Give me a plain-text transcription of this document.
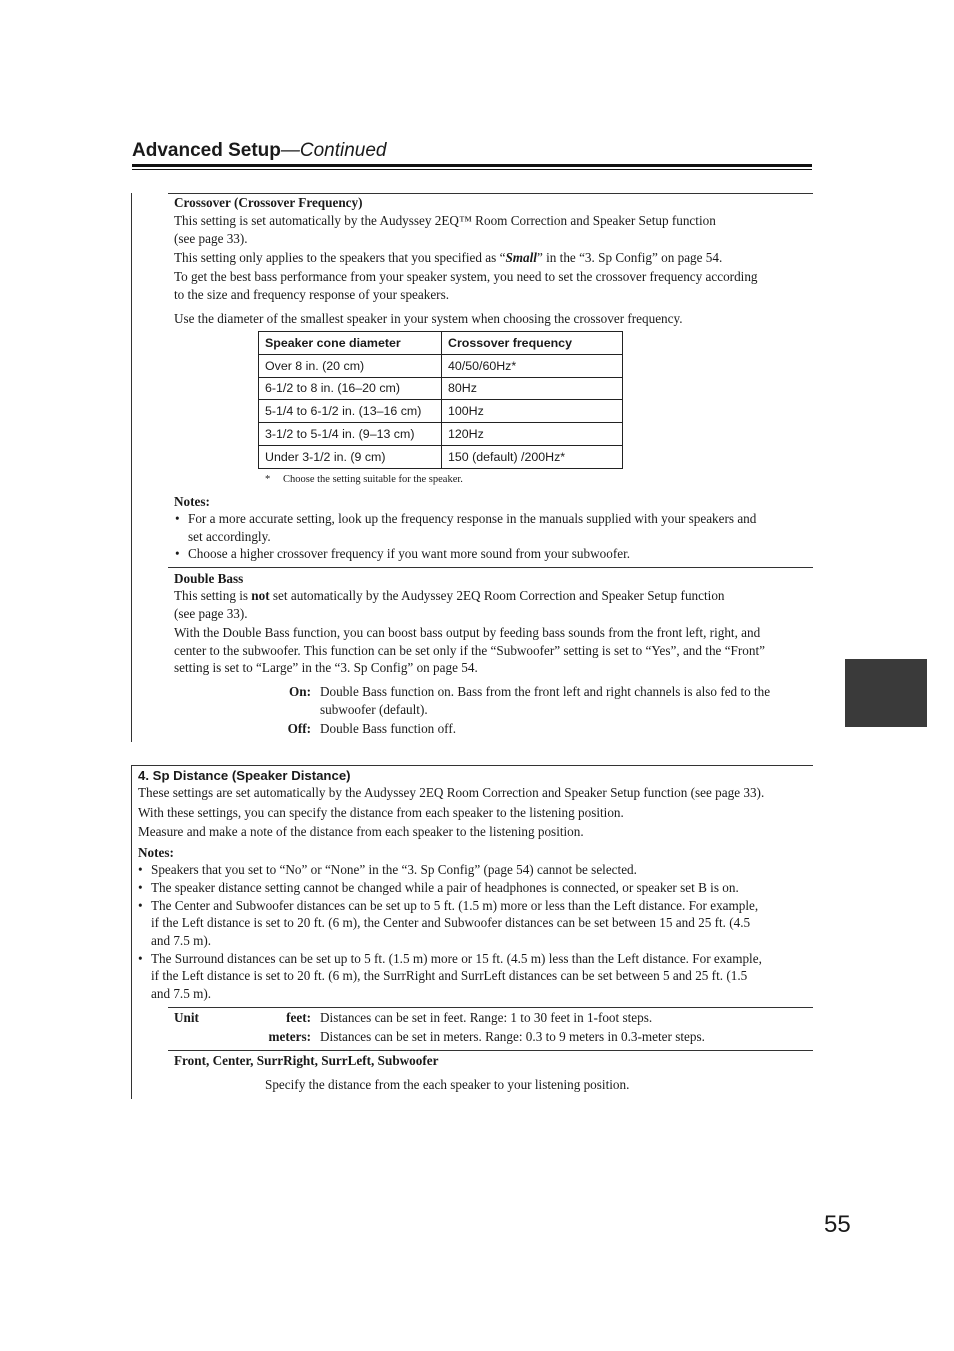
Advanced Setup—Continued
Crossover (Crossover Frequency)
This setting is set automatically by the Audyssey 2EQ™ Room Correction and Speaker Setup function
(see page 33).
This setting only applies to the speakers that you specified as “Small” in the “3. Sp Config” on page 54.
To get the best bass performance from your speaker system, you need to set the crossover frequency according
to the size and frequency response of your speakers.
Use the diameter of the smallest speaker in your system when choosing the crossover frequency.
Speaker cone diameter	Crossover frequency
Over 8 in. (20 cm)	40/50/60Hz*
6-1/2 to 8 in. (16–20 cm)	80Hz
5-1/4 to 6-1/2 in. (13–16 cm)	100Hz
3-1/2 to 5-1/4 in. (9–13 cm)	120Hz
Under 3-1/2 in. (9 cm)	150 (default) /200Hz*
* Choose the setting suitable for the speaker.
Notes:
• For a more accurate setting, look up the frequency response in the manuals supplied with your speakers and
set accordingly.
• Choose a higher crossover frequency if you want more sound from your subwoofer.
Double Bass
This setting is not set automatically by the Audyssey 2EQ Room Correction and Speaker Setup function
(see page 33).
With the Double Bass function, you can boost bass output by feeding bass sounds from the front left, right, and
center to the subwoofer. This function can be set only if the “Subwoofer” setting is set to “Yes”, and the “Front”
setting is set to “Large” in the “3. Sp Config” on page 54.
On: Double Bass function on. Bass from the front left and right channels is also fed to the
subwoofer (default).
Off: Double Bass function off.
4. Sp Distance (Speaker Distance)
These settings are set automatically by the Audyssey 2EQ Room Correction and Speaker Setup function (see page 33).
With these settings, you can specify the distance from each speaker to the listening position.
Measure and make a note of the distance from each speaker to the listening position.
Notes:
• Speakers that you set to “No” or “None” in the “3. Sp Config” (page 54) cannot be selected.
• The speaker distance setting cannot be changed while a pair of headphones is connected, or speaker set B is on.
• The Center and Subwoofer distances can be set up to 5 ft. (1.5 m) more or less than the Left distance. For example,
if the Left distance is set to 20 ft. (6 m), the Center and Subwoofer distances can be set between 15 and 25 ft. (4.5
and 7.5 m).
• The Surround distances can be set up to 5 ft. (1.5 m) more or 15 ft. (4.5 m) less than the Left distance. For example,
if the Left distance is set to 20 ft. (6 m), the SurrRight and SurrLeft distances can be set between 5 and 25 ft. (1.5
and 7.5 m).
Unit	feet: Distances can be set in feet. Range: 1 to 30 feet in 1-foot steps.
meters: Distances can be set in meters. Range: 0.3 to 9 meters in 0.3-meter steps.
Front, Center, SurrRight, SurrLeft, Subwoofer
Specify the distance from the each speaker to your listening position.
55
